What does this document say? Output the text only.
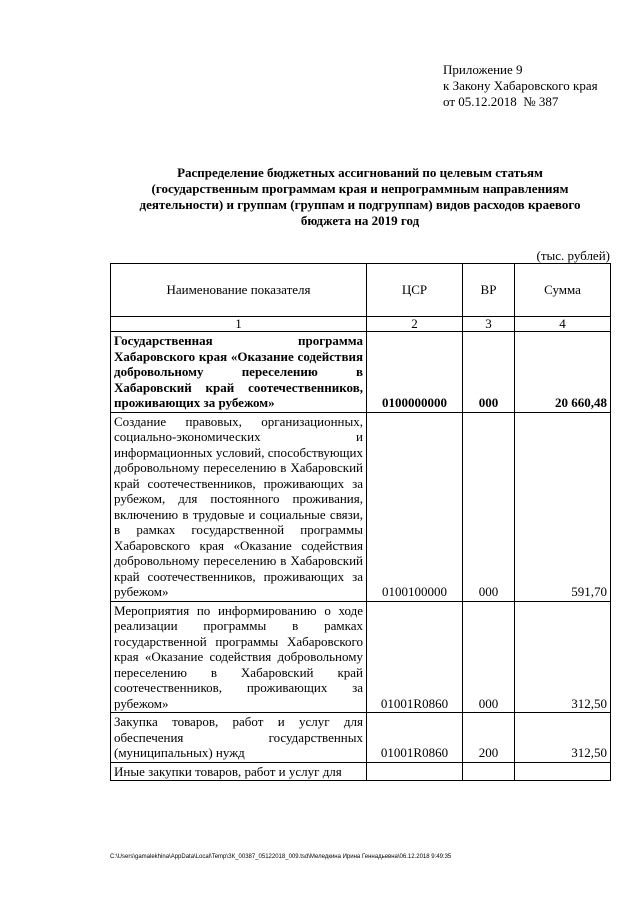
Приложение 9
к Закону Хабаровского края
от 05.12.2018  № 387
Распределение бюджетных ассигнований по целевым статьям
(государственным программам края и непрограммным направлениям
деятельности) и группам (группам и подгруппам) видов расходов краевого
бюджета на 2019 год
(тыс. рублей)
Наименование показателя	ЦСР	ВР	Сумма
1	2	3	4
Государственная программа Хабаровского края «Оказание содействия добровольному переселению в Хабаровский край соотечественников, проживающих за рубежом»	0100000000	000	20 660,48
Создание правовых, организационных, социально-экономических и информационных условий, способствующих добровольному переселению в Хабаровский край соотечественников, проживающих за рубежом, для постоянного проживания, включению в трудовые и социальные связи, в рамках государственной программы Хабаровского края «Оказание содействия добровольному переселению в Хабаровский край соотечественников, проживающих за рубежом»	0100100000	000	591,70
Мероприятия по информированию о ходе реализации программы в рамках государственной программы Хабаровского края «Оказание содействия добровольному переселению в Хабаровский край соотечественников, проживающих за рубежом»	01001R0860	000	312,50
Закупка товаров, работ и услуг для обеспечения государственных (муниципальных) нужд	01001R0860	200	312,50
Иные закупки товаров, работ и услуг для			
C:\Users\gamalekhina\AppData\Local\Temp\ЗК_00387_05122018_009.tsd\Меледкина Ирина Геннадьевна\06.12.2018 9:49:35
